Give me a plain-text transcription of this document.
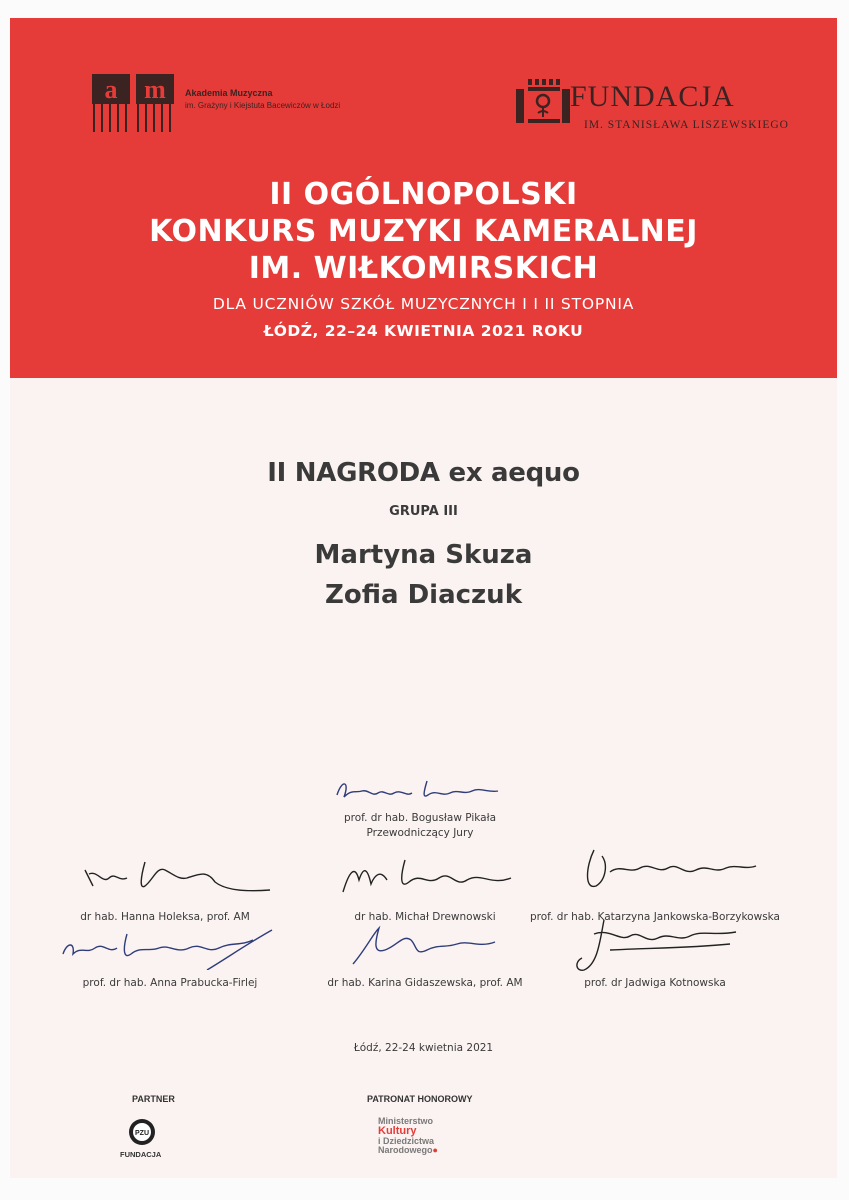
a m Akademia Muzyczna
im. Grażyny i Kiejstuta Bacewiczów w Łodzi	FUNDACJA
IM. STANISŁAWA LISZEWSKIEGO
II OGÓLNOPOLSKI
KONKURS MUZYKI KAMERALNEJ
IM. WIŁKOMIRSKICH
DLA UCZNIÓW SZKÓŁ MUZYCZNYCH I I II STOPNIA
ŁÓDŹ, 22–24 KWIETNIA 2021 ROKU
II NAGRODA ex aequo
GRUPA III
Martyna Skuza
Zofia Diaczuk
prof. dr hab. Bogusław Pikała
Przewodniczący Jury
dr hab. Hanna Holeksa, prof. AM	dr hab. Michał Drewnowski	prof. dr hab. Katarzyna Jankowska-Borzykowska
prof. dr hab. Anna Prabucka-Firlej	dr hab. Karina Gidaszewska, prof. AM	prof. dr Jadwiga Kotnowska
Łódź, 22-24 kwietnia 2021
PARTNER
PZU
FUNDACJA
PATRONAT HONOROWY
Ministerstwo
Kultury
i Dziedzictwa
Narodowego●
